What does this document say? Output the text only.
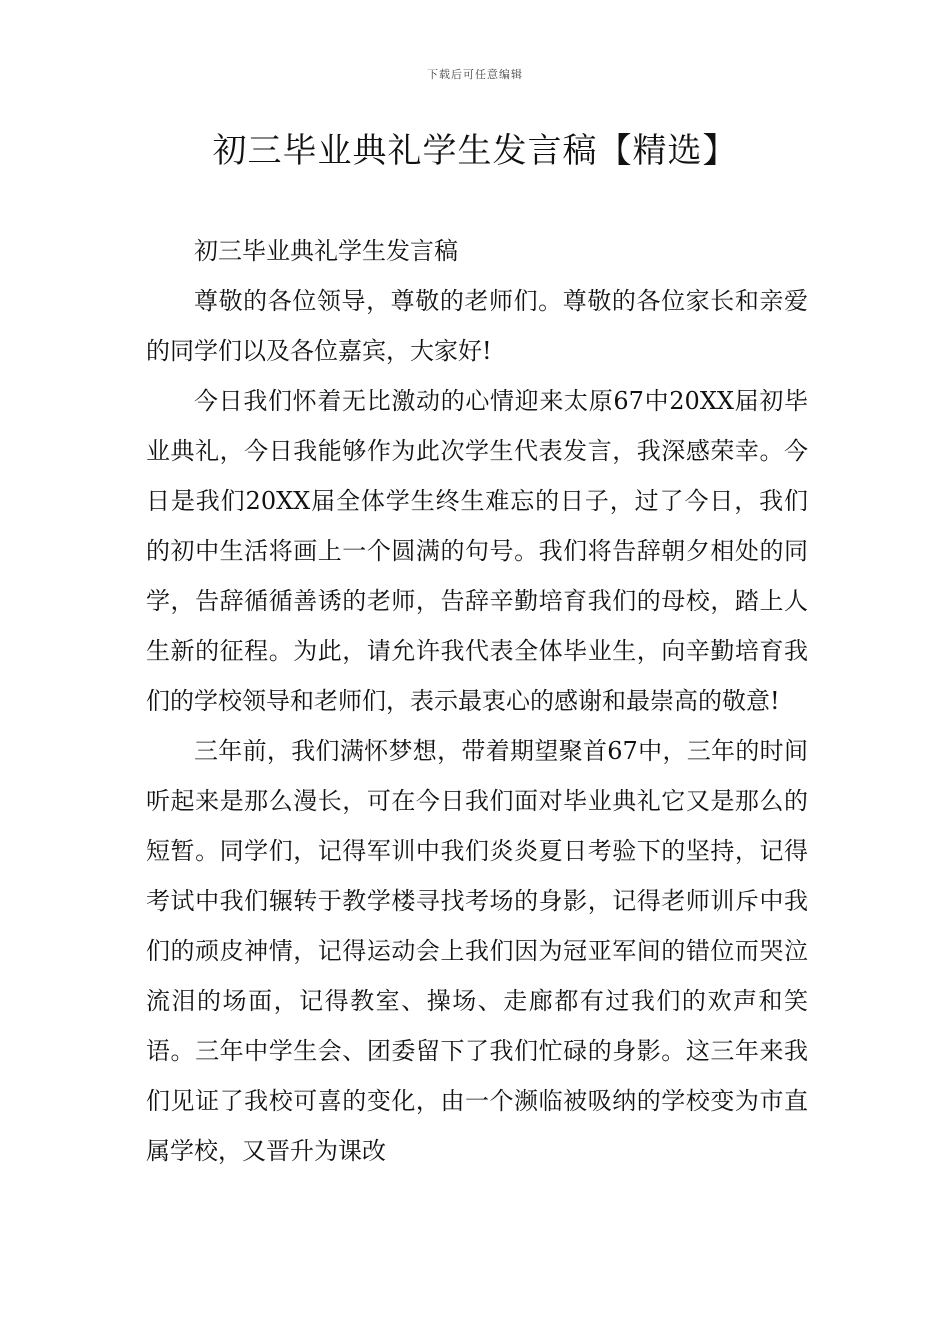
下载后可任意编辑
初三毕业典礼学生发言稿【精选】

初三毕业典礼学生发言稿

尊敬的各位领导，尊敬的老师们。尊敬的各位家长和亲爱的同学们以及各位嘉宾，大家好!

今日我们怀着无比激动的心情迎来太原67中20XX届初毕业典礼，今日我能够作为此次学生代表发言，我深感荣幸。今日是我们20XX届全体学生终生难忘的日子，过了今日，我们的初中生活将画上一个圆满的句号。我们将告辞朝夕相处的同学，告辞循循善诱的老师，告辞辛勤培育我们的母校，踏上人生新的征程。为此，请允许我代表全体毕业生，向辛勤培育我们的学校领导和老师们，表示最衷心的感谢和最崇高的敬意!

三年前，我们满怀梦想，带着期望聚首67中，三年的时间听起来是那么漫长，可在今日我们面对毕业典礼它又是那么的短暂。同学们，记得军训中我们炎炎夏日考验下的坚持，记得考试中我们辗转于教学楼寻找考场的身影，记得老师训斥中我们的顽皮神情，记得运动会上我们因为冠亚军间的错位而哭泣流泪的场面，记得教室、操场、走廊都有过我们的欢声和笑语。三年中学生会、团委留下了我们忙碌的身影。这三年来我们见证了我校可喜的变化，由一个濒临被吸纳的学校变为市直属学校，又晋升为课改
